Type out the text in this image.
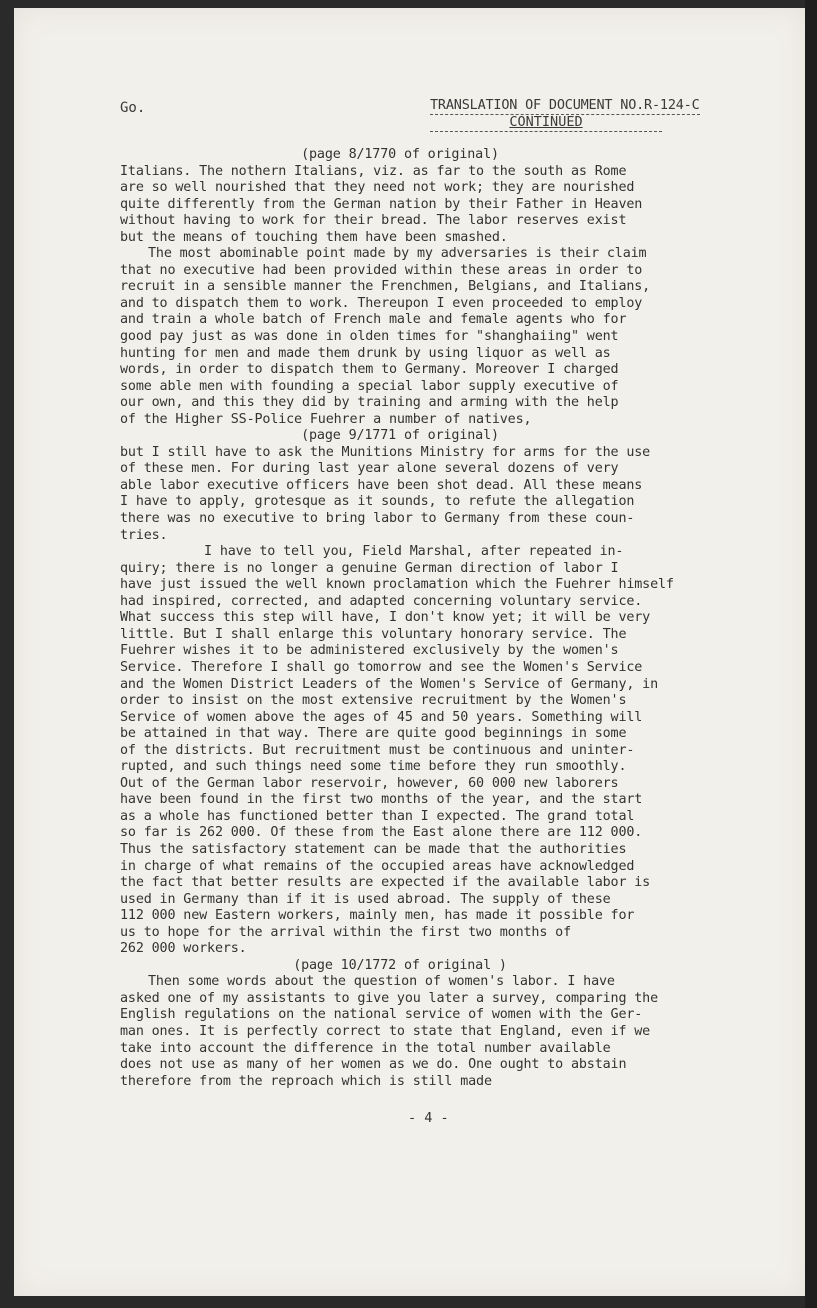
Go.	TRANSLATION OF DOCUMENT NO.R-124-C
CONTINUED
(page 8/1770 of original)
Italians. The nothern Italians, viz. as far to the south as Rome
are so well nourished that they need not work; they are nourished
quite differently from the German nation by their Father in Heaven
without having to work for their bread. The labor reserves exist
but the means of touching them have been smashed.
The most abominable point made by my adversaries is their claim
that no executive had been provided within these areas in order to
recruit in a sensible manner the Frenchmen, Belgians, and Italians,
and to dispatch them to work. Thereupon I even proceeded to employ
and train a whole batch of French male and female agents who for
good pay just as was done in olden times for "shanghaiing" went
hunting for men and made them drunk by using liquor as well as
words, in order to dispatch them to Germany. Moreover I charged
some able men with founding a special labor supply executive of
our own, and this they did by training and arming with the help
of the Higher SS-Police Fuehrer a number of natives,
(page 9/1771 of original)
but I still have to ask the Munitions Ministry for arms for the use
of these men. For during last year alone several dozens of very
able labor executive officers have been shot dead. All these means
I have to apply, grotesque as it sounds, to refute the allegation
there was no executive to bring labor to Germany from these coun-
tries.
I have to tell you, Field Marshal, after repeated in-
quiry; there is no longer a genuine German direction of labor I
have just issued the well known proclamation which the Fuehrer himself
had inspired, corrected, and adapted concerning voluntary service.
What success this step will have, I don't know yet; it will be very
little. But I shall enlarge this voluntary honorary service. The
Fuehrer wishes it to be administered exclusively by the women's
Service. Therefore I shall go tomorrow and see the Women's Service
and the Women District Leaders of the Women's Service of Germany, in
order to insist on the most extensive recruitment by the Women's
Service of women above the ages of 45 and 50 years. Something will
be attained in that way. There are quite good beginnings in some
of the districts. But recruitment must be continuous and uninter-
rupted, and such things need some time before they run smoothly.
Out of the German labor reservoir, however, 60 000 new laborers
have been found in the first two months of the year, and the start
as a whole has functioned better than I expected. The grand total
so far is 262 000. Of these from the East alone there are 112 000.
Thus the satisfactory statement can be made that the authorities
in charge of what remains of the occupied areas have acknowledged
the fact that better results are expected if the available labor is
used in Germany than if it is used abroad. The supply of these
112 000 new Eastern workers, mainly men, has made it possible for
us to hope for the arrival within the first two months of
262 000 workers.
(page 10/1772 of original )
Then some words about the question of women's labor. I have
asked one of my assistants to give you later a survey, comparing the
English regulations on the national service of women with the Ger-
man ones. It is perfectly correct to state that England, even if we
take into account the difference in the total number available
does not use as many of her women as we do. One ought to abstain
therefore from the reproach which is still made
- 4 -
